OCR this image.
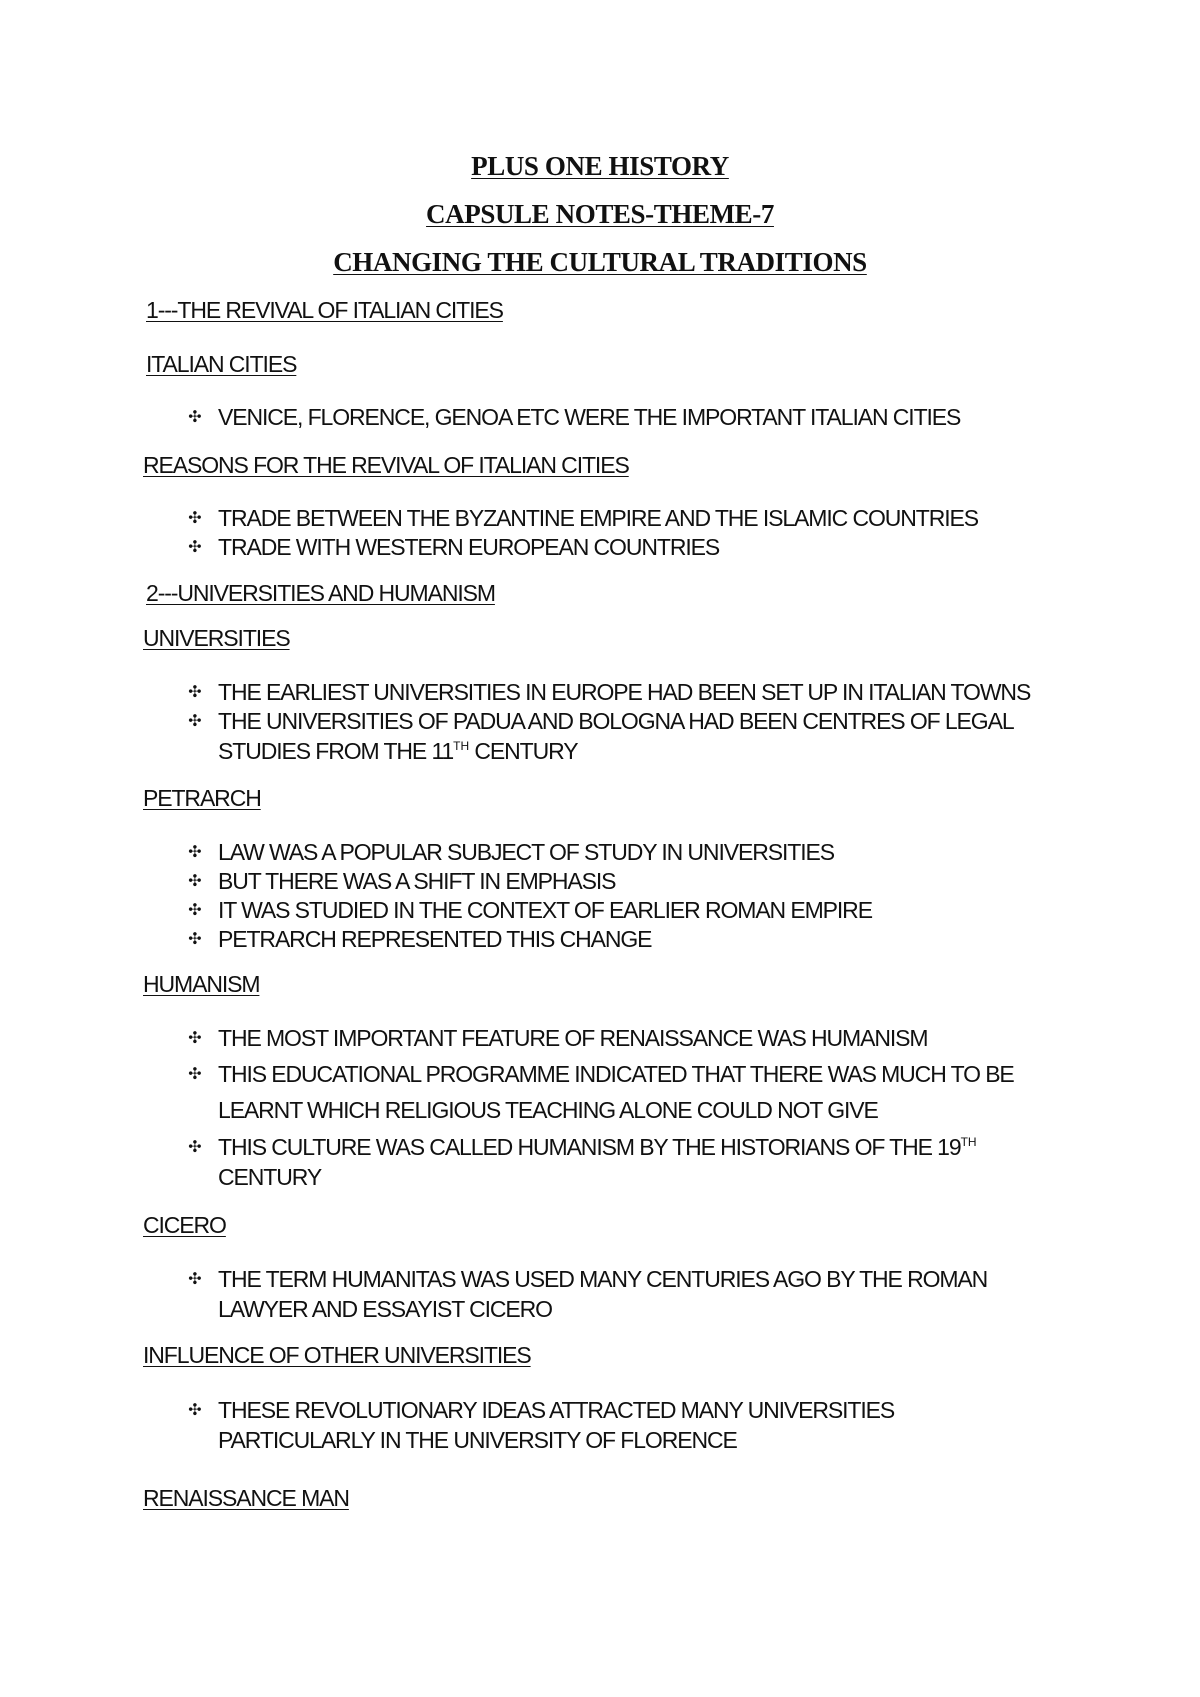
PLUS ONE HISTORY
CAPSULE NOTES-THEME-7
CHANGING THE CULTURAL TRADITIONS
1---THE REVIVAL OF ITALIAN CITIES
ITALIAN CITIES
✣ VENICE, FLORENCE, GENOA ETC WERE THE IMPORTANT ITALIAN CITIES
REASONS FOR THE REVIVAL OF ITALIAN CITIES
✣ TRADE BETWEEN THE BYZANTINE EMPIRE AND THE ISLAMIC COUNTRIES
✣ TRADE WITH WESTERN EUROPEAN COUNTRIES
2---UNIVERSITIES AND HUMANISM
UNIVERSITIES
✣ THE EARLIEST UNIVERSITIES IN EUROPE HAD BEEN SET UP IN ITALIAN TOWNS
✣ THE UNIVERSITIES OF PADUA AND BOLOGNA HAD BEEN CENTRES OF LEGAL
STUDIES FROM THE 11TH CENTURY
PETRARCH
✣ LAW WAS A POPULAR SUBJECT OF STUDY IN UNIVERSITIES
✣ BUT THERE WAS A SHIFT IN EMPHASIS
✣ IT WAS STUDIED IN THE CONTEXT OF EARLIER ROMAN EMPIRE
✣ PETRARCH REPRESENTED THIS CHANGE
HUMANISM
✣ THE MOST IMPORTANT FEATURE OF RENAISSANCE WAS HUMANISM
✣ THIS EDUCATIONAL PROGRAMME INDICATED THAT THERE WAS MUCH TO BE
LEARNT WHICH RELIGIOUS TEACHING ALONE COULD NOT GIVE
✣ THIS CULTURE WAS CALLED HUMANISM BY THE HISTORIANS OF THE 19TH
CENTURY
CICERO
✣ THE TERM HUMANITAS WAS USED MANY CENTURIES AGO BY THE ROMAN
LAWYER AND ESSAYIST CICERO
INFLUENCE OF OTHER UNIVERSITIES
✣ THESE REVOLUTIONARY IDEAS ATTRACTED MANY UNIVERSITIES
PARTICULARLY IN THE UNIVERSITY OF FLORENCE
RENAISSANCE MAN
